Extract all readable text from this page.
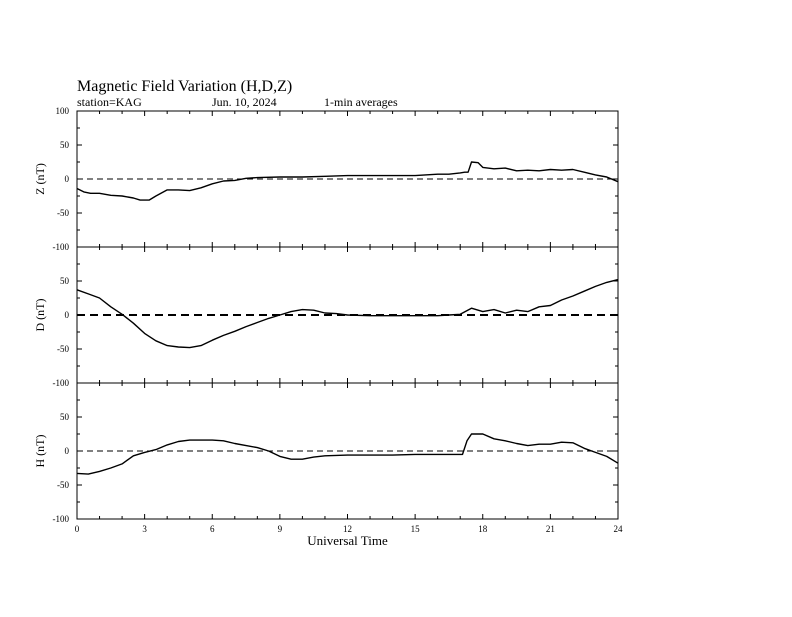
Magnetic Field Variation (H,D,Z)
station=KAG	Jun. 10, 2024	1-min averages
100
50
0
-50
-100
Z (nT)
50
0
-50
-100
D (nT)
50
0
-50
-100
H (nT)
0	3	6	9	12	15	18	21	24
Universal Time
